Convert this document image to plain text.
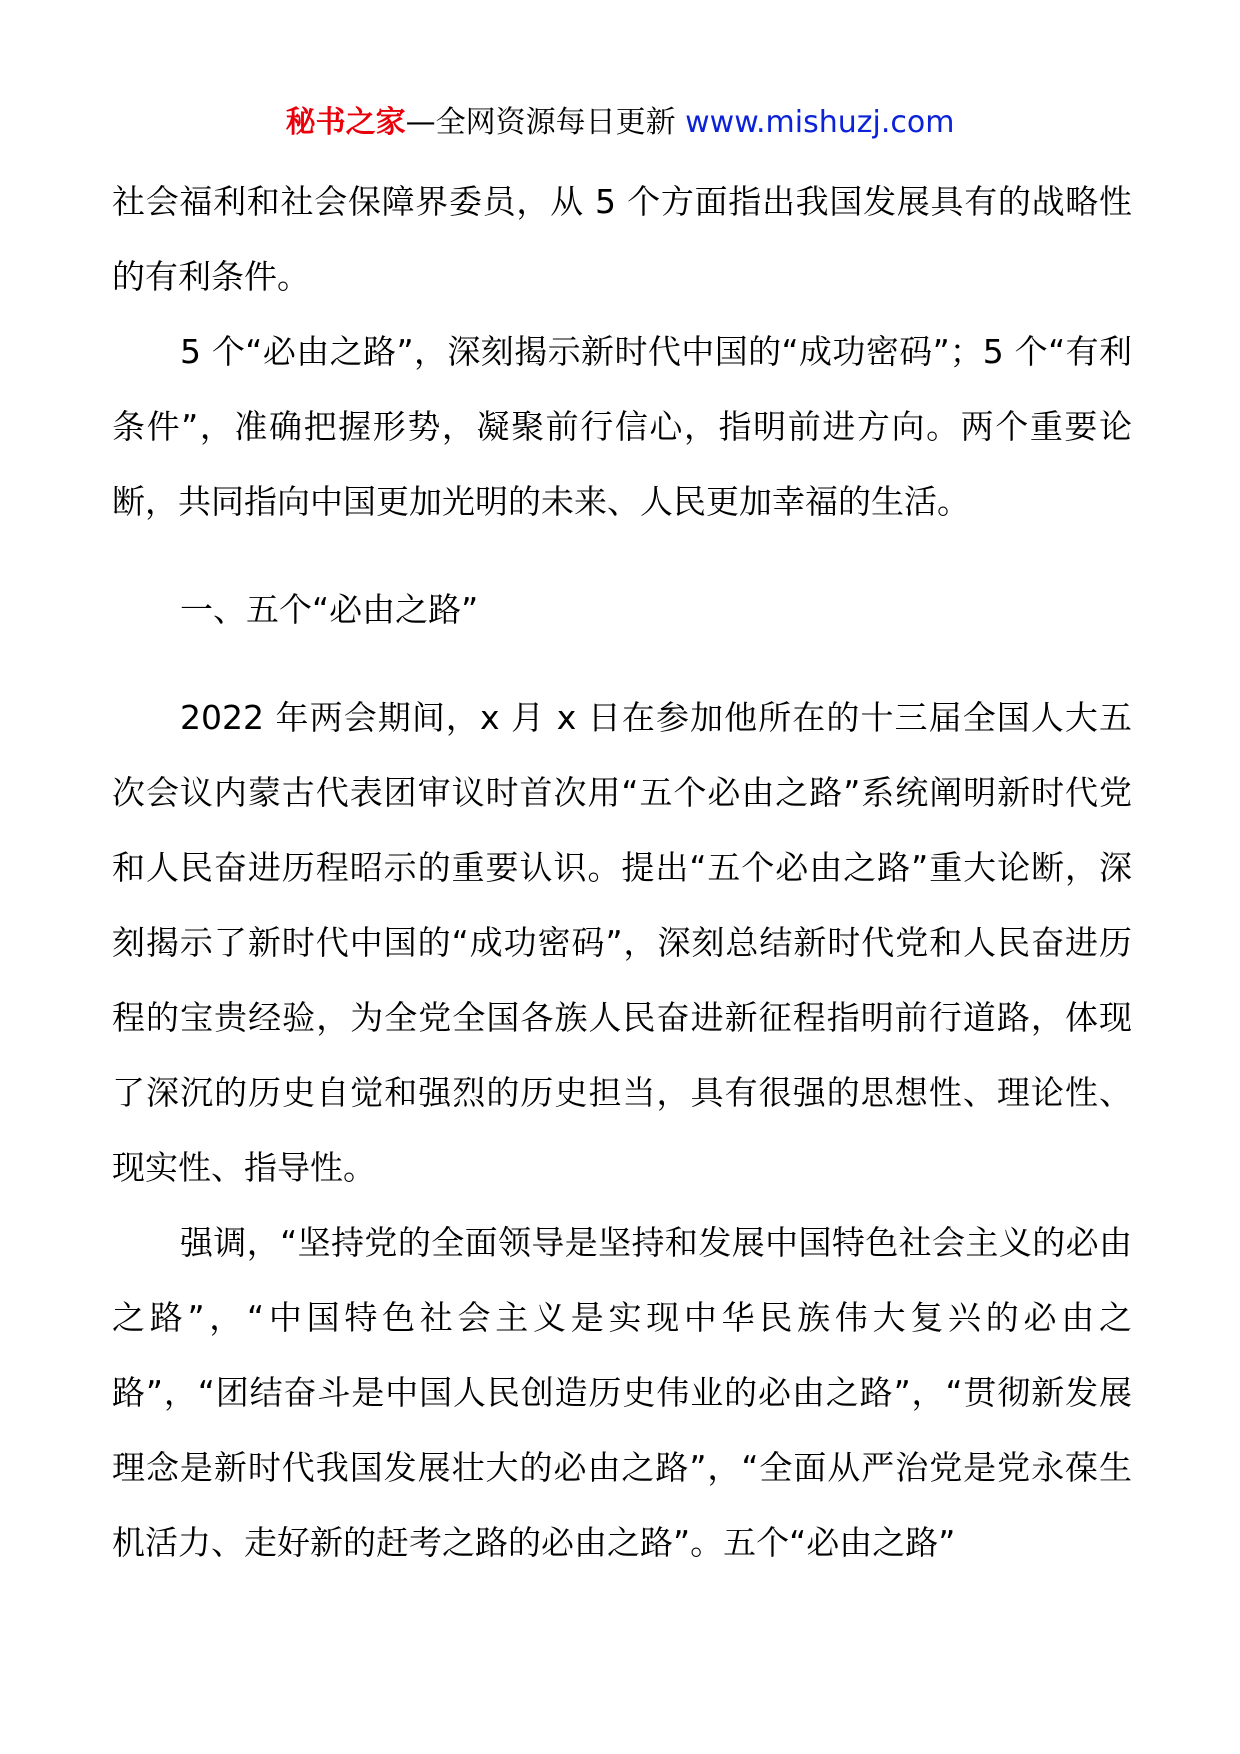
秘书之家—全网资源每日更新 www.mishuzj.com

社会福利和社会保障界委员，从 5 个方面指出我国发展具有的战略性的有利条件。

5 个“必由之路”，深刻揭示新时代中国的“成功密码”；5 个“有利条件”，准确把握形势，凝聚前行信心，指明前进方向。两个重要论断，共同指向中国更加光明的未来、人民更加幸福的生活。

一、五个“必由之路”

2022 年两会期间，x 月 x 日在参加他所在的十三届全国人大五次会议内蒙古代表团审议时首次用“五个必由之路”系统阐明新时代党和人民奋进历程昭示的重要认识。提出“五个必由之路”重大论断，深刻揭示了新时代中国的“成功密码”，深刻总结新时代党和人民奋进历程的宝贵经验，为全党全国各族人民奋进新征程指明前行道路，体现了深沉的历史自觉和强烈的历史担当，具有很强的思想性、理论性、现实性、指导性。

强调，“坚持党的全面领导是坚持和发展中国特色社会主义的必由之路”，“中国特色社会主义是实现中华民族伟大复兴的必由之路”，“团结奋斗是中国人民创造历史伟业的必由之路”，“贯彻新发展理念是新时代我国发展壮大的必由之路”，“全面从严治党是党永葆生机活力、走好新的赶考之路的必由之路”。五个“必由之路”
